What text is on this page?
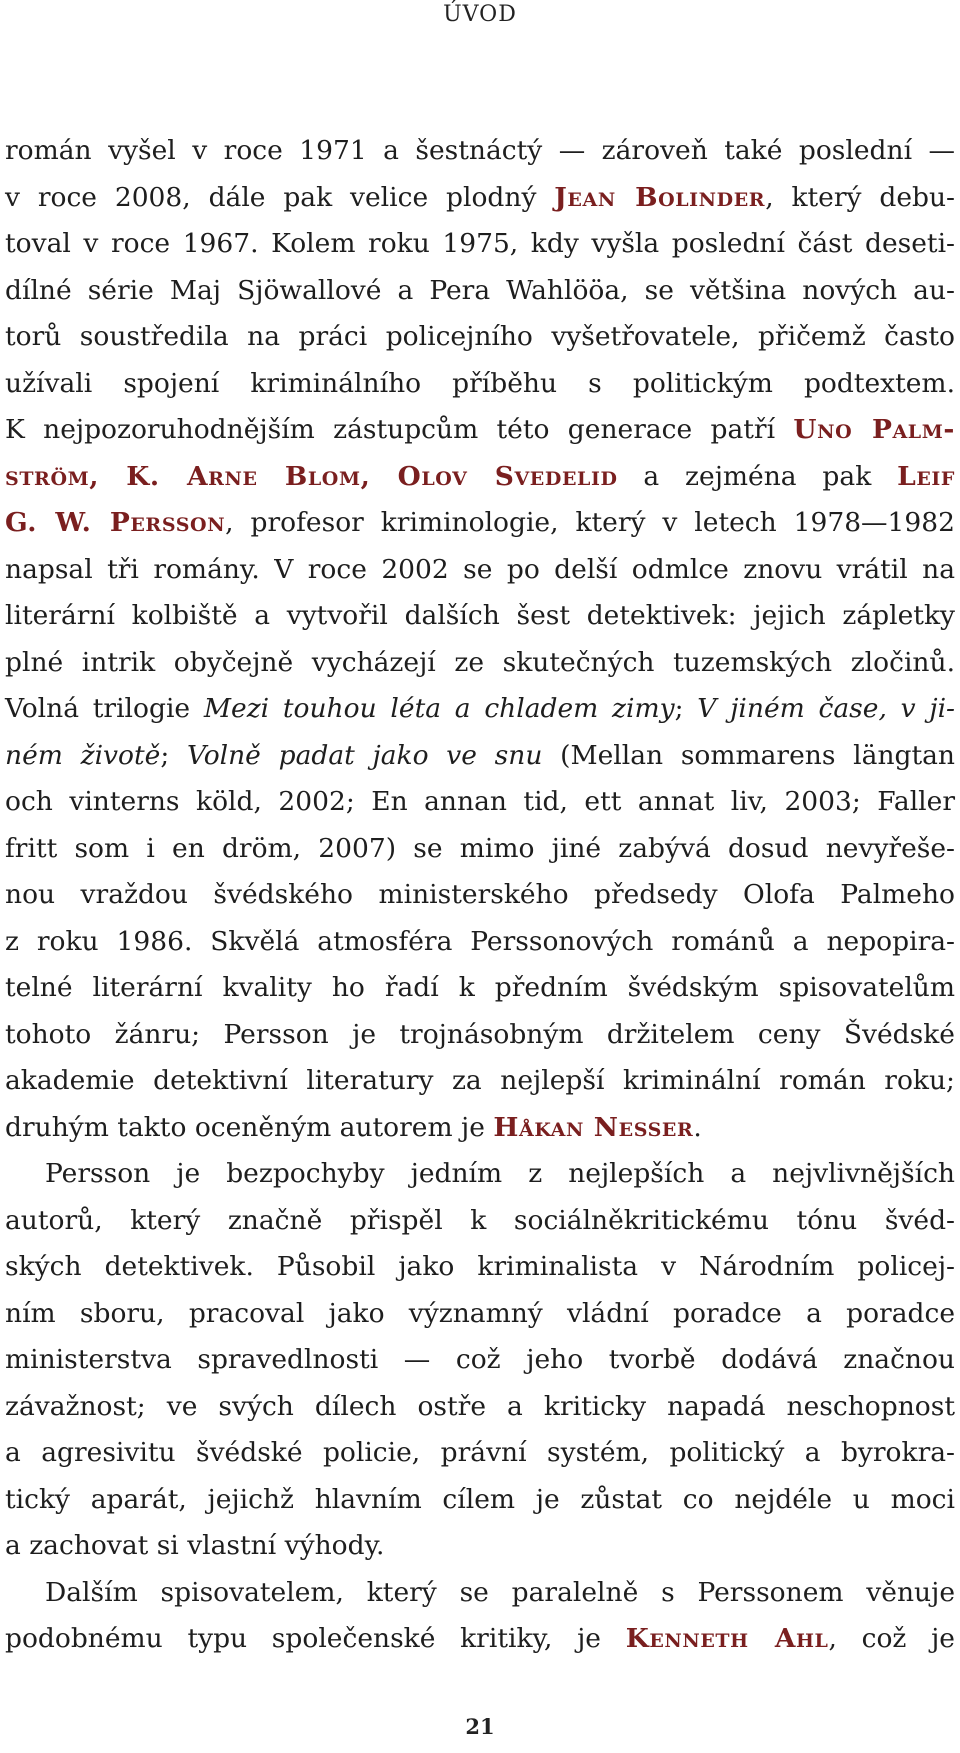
ÚVOD
román vyšel v roce 1971 a šestnáctý — zároveň také poslední —
v roce 2008, dále pak velice plodný Jean Bolinder, který debu-
toval v roce 1967. Kolem roku 1975, kdy vyšla poslední část deseti-
dílné série Maj Sjöwallové a Pera Wahlööa, se většina nových au-
torů soustředila na práci policejního vyšetřovatele, přičemž často
užívali spojení kriminálního příběhu s politickým podtextem.
K nejpozoruhodnějším zástupcům této generace patří Uno Palm-
ström, K. Arne Blom, Olov Svedelid a zejména pak Leif
G. W. Persson, profesor kriminologie, který v letech 1978—1982
napsal tři romány. V roce 2002 se po delší odmlce znovu vrátil na
literární kolbiště a vytvořil dalších šest detektivek: jejich zápletky
plné intrik obyčejně vycházejí ze skutečných tuzemských zločinů.
Volná trilogie Mezi touhou léta a chladem zimy; V jiném čase, v ji-
ném životě; Volně padat jako ve snu (Mellan sommarens längtan
och vinterns köld, 2002; En annan tid, ett annat liv, 2003; Faller
fritt som i en dröm, 2007) se mimo jiné zabývá dosud nevyřeše-
nou vraždou švédského ministerského předsedy Olofa Palmeho
z roku 1986. Skvělá atmosféra Perssonových románů a nepopira-
telné literární kvality ho řadí k předním švédským spisovatelům
tohoto žánru; Persson je trojnásobným držitelem ceny Švédské
akademie detektivní literatury za nejlepší kriminální román roku;
druhým takto oceněným autorem je Håkan Nesser.
Persson je bezpochyby jedním z nejlepších a nejvlivnějších
autorů, který značně přispěl k sociálněkritickému tónu švéd-
ských detektivek. Působil jako kriminalista v Národním policej-
ním sboru, pracoval jako významný vládní poradce a poradce
ministerstva spravedlnosti — což jeho tvorbě dodává značnou
závažnost; ve svých dílech ostře a kriticky napadá neschopnost
a agresivitu švédské policie, právní systém, politický a byrokra-
tický aparát, jejichž hlavním cílem je zůstat co nejdéle u moci
a zachovat si vlastní výhody.
Dalším spisovatelem, který se paralelně s Perssonem věnuje
podobnému typu společenské kritiky, je Kenneth Ahl, což je
21
